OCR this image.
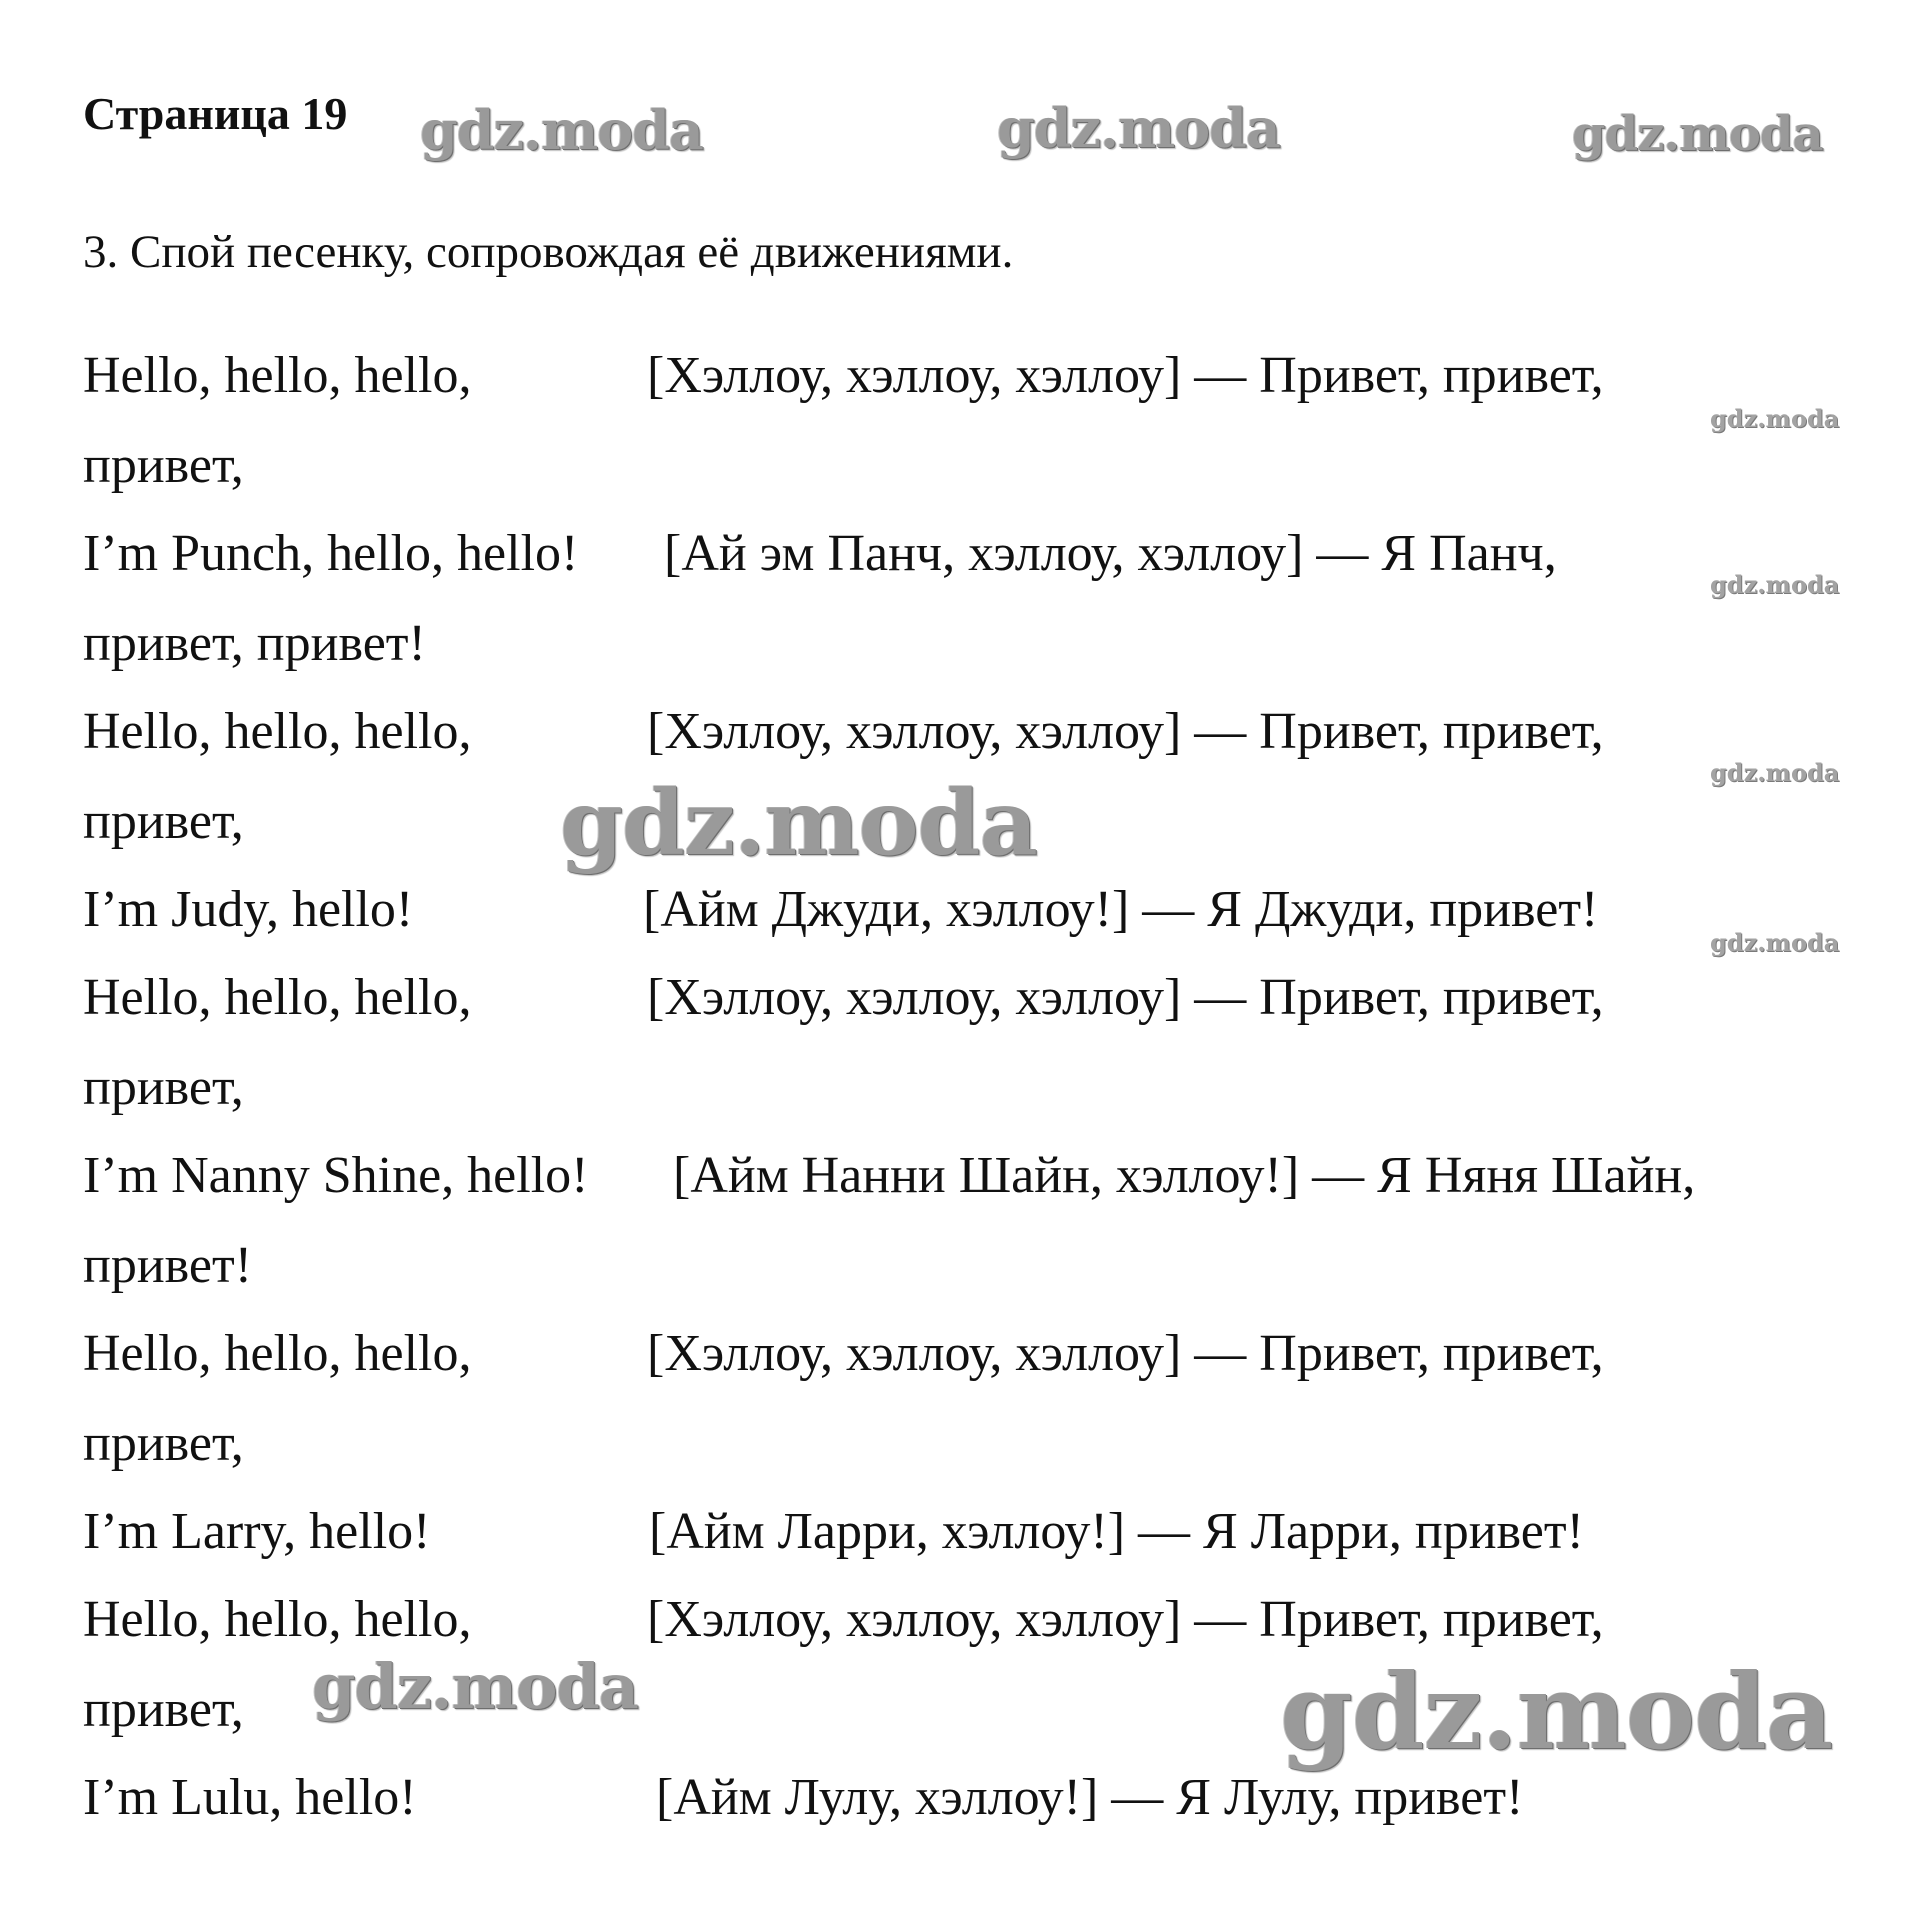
Страница 19
3. Спой песенку, сопровождая её движениями.
Hello, hello, hello,	[Хэллоу, хэллоу, хэллоу] — Привет, привет,
привет,
I’m Punch, hello, hello! [Ай эм Панч, хэллоу, хэллоу] — Я Панч,
привет, привет!
Hello, hello, hello,	[Хэллоу, хэллоу, хэллоу] — Привет, привет,
привет,
I’m Judy, hello!	[Айм Джуди, хэллоу!] — Я Джуди, привет!
Hello, hello, hello,	[Хэллоу, хэллоу, хэллоу] — Привет, привет,
привет,
I’m Nanny Shine, hello! [Айм Нанни Шайн, хэллоу!] — Я Няня Шайн,
привет!
Hello, hello, hello,	[Хэллоу, хэллоу, хэллоу] — Привет, привет,
привет,
I’m Larry, hello!	[Айм Ларри, хэллоу!] — Я Ларри, привет!
Hello, hello, hello,	[Хэллоу, хэллоу, хэллоу] — Привет, привет,
привет,
I’m Lulu, hello!	[Айм Лулу, хэллоу!] — Я Лулу, привет!
gdz.moda	gdz.moda	gdz.moda
gdz.moda
gdz.moda
gdz.moda
gdz.moda
gdz.moda
gdz.moda	gdz.moda
